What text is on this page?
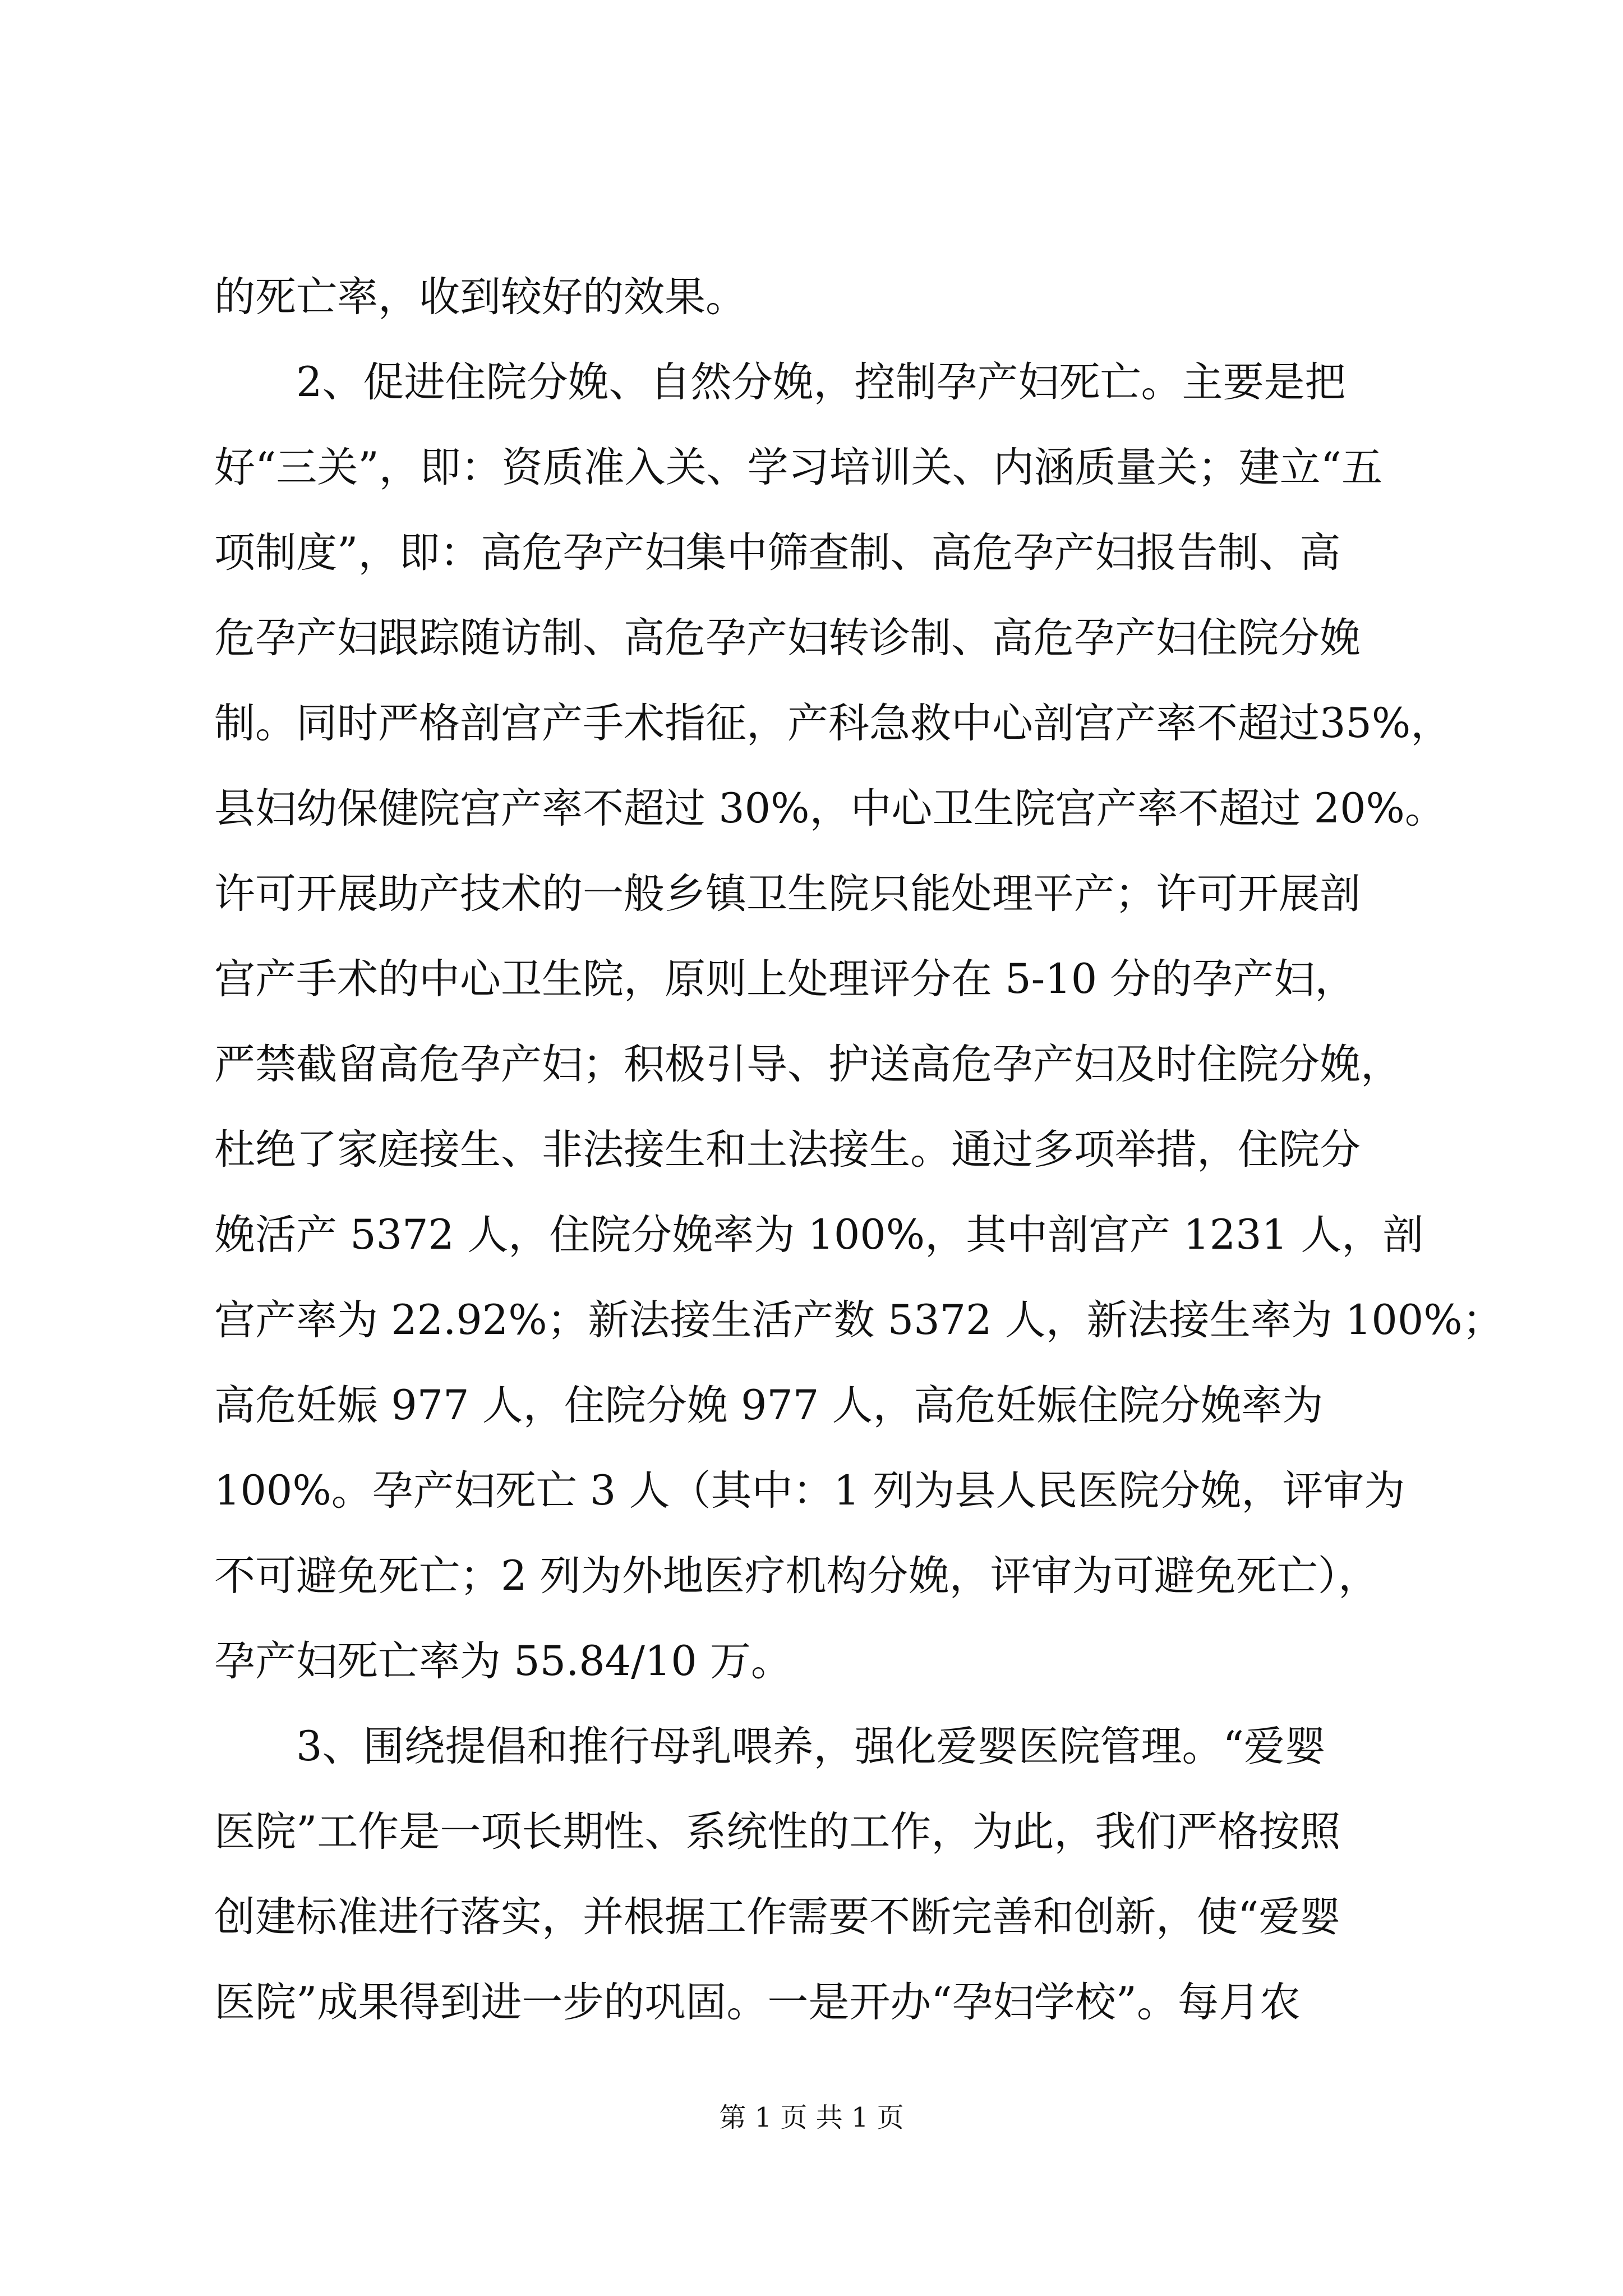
的死亡率，收到较好的效果。
　　2、促进住院分娩、自然分娩，控制孕产妇死亡。主要是把
好“三关”，即：资质准入关、学习培训关、内涵质量关；建立“五
项制度”，即：高危孕产妇集中筛查制、高危孕产妇报告制、高
危孕产妇跟踪随访制、高危孕产妇转诊制、高危孕产妇住院分娩
制。同时严格剖宫产手术指征，产科急救中心剖宫产率不超过35%，
县妇幼保健院宫产率不超过 30%，中心卫生院宫产率不超过 20%。
许可开展助产技术的一般乡镇卫生院只能处理平产；许可开展剖
宫产手术的中心卫生院，原则上处理评分在 5-10 分的孕产妇，
严禁截留高危孕产妇；积极引导、护送高危孕产妇及时住院分娩，
杜绝了家庭接生、非法接生和土法接生。通过多项举措，住院分
娩活产 5372 人，住院分娩率为 100%，其中剖宫产 1231 人，剖
宫产率为 22.92%；新法接生活产数 5372 人，新法接生率为 100%；
高危妊娠 977 人，住院分娩 977 人，高危妊娠住院分娩率为
100%。孕产妇死亡 3 人（其中：1 列为县人民医院分娩，评审为
不可避免死亡；2 列为外地医疗机构分娩，评审为可避免死亡），
孕产妇死亡率为 55.84/10 万。
　　3、围绕提倡和推行母乳喂养，强化爱婴医院管理。“爱婴
医院”工作是一项长期性、系统性的工作，为此，我们严格按照
创建标准进行落实，并根据工作需要不断完善和创新，使“爱婴
医院”成果得到进一步的巩固。一是开办“孕妇学校”。每月农
第 1 页 共 1 页
